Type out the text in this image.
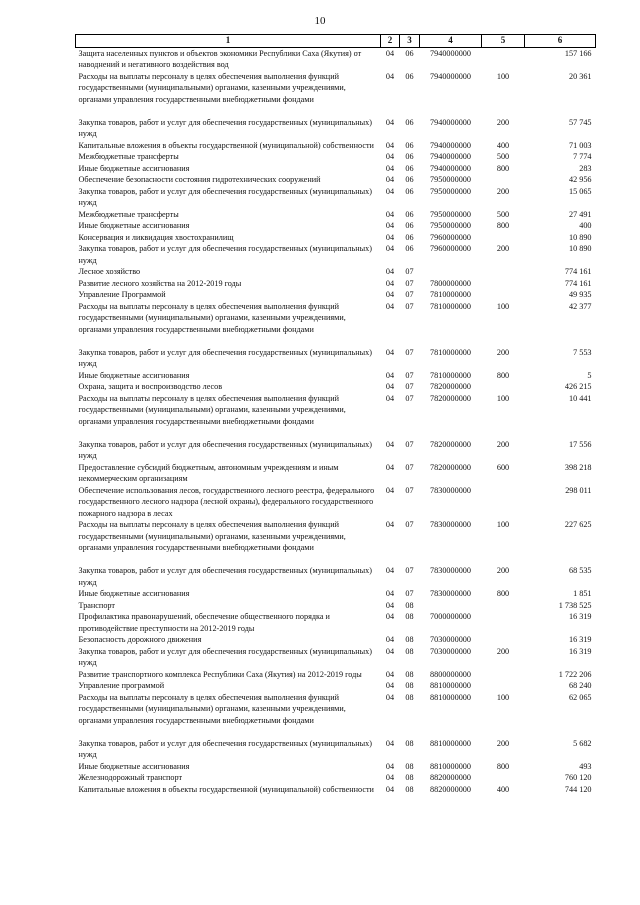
10
1	2	3	4	5	6
Защита населенных пунктов и объектов экономики Республики Саха (Якутия) от наводнений и негативного воздействия вод	04	06	7940000000		157 166
Расходы на выплаты персоналу в целях обеспечения выполнения функций государственными (муниципальными) органами, казенными учреждениями, органами управления государственными внебюджетными фондами	04	06	7940000000	100	20 361
Закупка товаров, работ и услуг для обеспечения государственных (муниципальных) нужд	04	06	7940000000	200	57 745
Капитальные вложения в объекты государственной (муниципальной) собственности	04	06	7940000000	400	71 003
Межбюджетные трансферты	04	06	7940000000	500	7 774
Иные бюджетные ассигнования	04	06	7940000000	800	283
Обеспечение безопасности состояния гидротехнических сооружений	04	06	7950000000		42 956
Закупка товаров, работ и услуг для обеспечения государственных (муниципальных) нужд	04	06	7950000000	200	15 065
Межбюджетные трансферты	04	06	7950000000	500	27 491
Иные бюджетные ассигнования	04	06	7950000000	800	400
Консервация и ликвидация хвостохранилищ	04	06	7960000000		10 890
Закупка товаров, работ и услуг для обеспечения государственных (муниципальных) нужд	04	06	7960000000	200	10 890
Лесное хозяйство	04	07			774 161
Развитие лесного хозяйства на 2012-2019 годы	04	07	7800000000		774 161
Управление Программой	04	07	7810000000		49 935
Расходы на выплаты персоналу в целях обеспечения выполнения функций государственными (муниципальными) органами, казенными учреждениями, органами управления государственными внебюджетными фондами	04	07	7810000000	100	42 377
Закупка товаров, работ и услуг для обеспечения государственных (муниципальных) нужд	04	07	7810000000	200	7 553
Иные бюджетные ассигнования	04	07	7810000000	800	5
Охрана, защита и воспроизводство лесов	04	07	7820000000		426 215
Расходы на выплаты персоналу в целях обеспечения выполнения функций государственными (муниципальными) органами, казенными учреждениями, органами управления государственными внебюджетными фондами	04	07	7820000000	100	10 441
Закупка товаров, работ и услуг для обеспечения государственных (муниципальных) нужд	04	07	7820000000	200	17 556
Предоставление субсидий бюджетным, автономным учреждениям и иным некоммерческим организациям	04	07	7820000000	600	398 218
Обеспечение использования лесов, государственного лесного реестра, федерального государственного лесного надзора (лесной охраны), федерального государственного пожарного надзора в лесах	04	07	7830000000		298 011
Расходы на выплаты персоналу в целях обеспечения выполнения функций государственными (муниципальными) органами, казенными учреждениями, органами управления государственными внебюджетными фондами	04	07	7830000000	100	227 625
Закупка товаров, работ и услуг для обеспечения государственных (муниципальных) нужд	04	07	7830000000	200	68 535
Иные бюджетные ассигнования	04	07	7830000000	800	1 851
Транспорт	04	08			1 738 525
Профилактика правонарушений, обеспечение общественного порядка и противодействие преступности на 2012-2019 годы	04	08	7000000000		16 319
Безопасность дорожного движения	04	08	7030000000		16 319
Закупка товаров, работ и услуг для обеспечения государственных (муниципальных) нужд	04	08	7030000000	200	16 319
Развитие транспортного комплекса Республики Саха (Якутия) на 2012-2019 годы	04	08	8800000000		1 722 206
Управление программой	04	08	8810000000		68 240
Расходы на выплаты персоналу в целях обеспечения выполнения функций государственными (муниципальными) органами, казенными учреждениями, органами управления государственными внебюджетными фондами	04	08	8810000000	100	62 065
Закупка товаров, работ и услуг для обеспечения государственных (муниципальных) нужд	04	08	8810000000	200	5 682
Иные бюджетные ассигнования	04	08	8810000000	800	493
Железнодорожный транспорт	04	08	8820000000		760 120
Капитальные вложения в объекты государственной (муниципальной) собственности	04	08	8820000000	400	744 120
